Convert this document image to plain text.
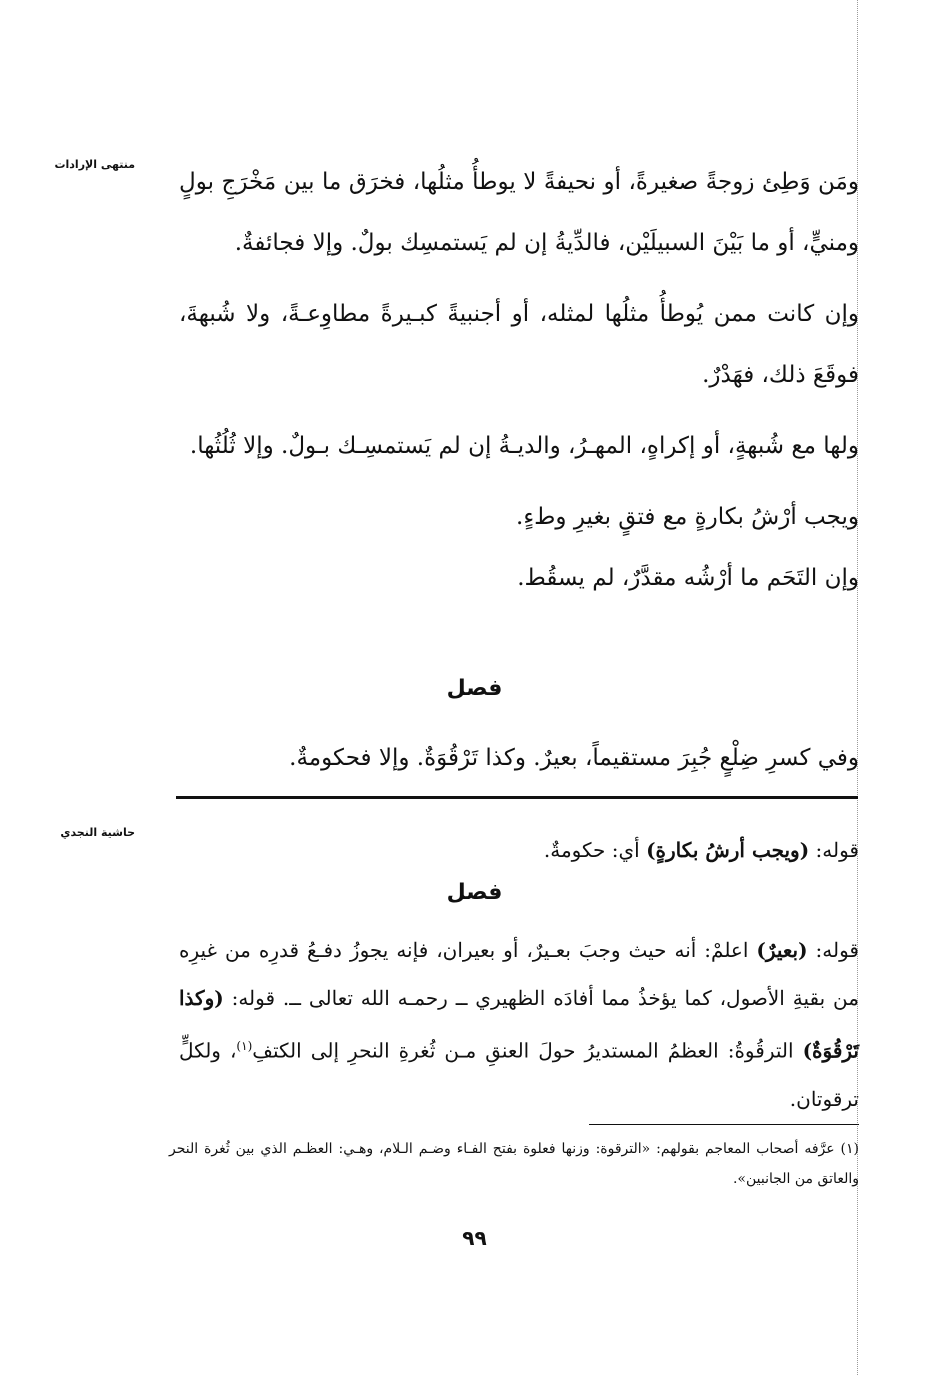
منتهى الإرادات
حاشية النجدي

ومَن وَطِئ زوجةً صغيرةً، أو نحيفةً لا يوطأُ مثلُها، فخرَق ما بين مَخْرَجِ بولٍ ومنيٍّ، أو ما بَيْنَ السبيلَيْن، فالدِّيةُ إن لم يَستمسِك بولٌ. وإلا فجائفةٌ.

وإن كانت ممن يُوطأُ مثلُها لمثله، أو أجنبيةً كبـيرةً مطاوِعـةً، ولا شُبهةَ، فوقَعَ ذلك، فهَدْرٌ.

ولها مع شُبهةٍ، أو إكراهٍ، المهـرُ، والديـةُ إن لم يَستمسِـك بـولٌ. وإلا ثُلُثُها.

ويجب أرْشُ بكارةٍ مع فتقٍ بغيرِ وطءٍ.

وإن التَحَم ما أرْشُه مقدَّرٌ، لم يسقُط.

فصل

وفي كسرِ ضِلْعٍ جُبِرَ مستقيماً، بعيرٌ. وكذا تَرْقُوَةٌ. وإلا فحكومةٌ.

قوله: (ويجب أرشُ بكارةٍ) أي: حكومةٌ.

فصل

قوله: (بعيرٌ) اعلمْ: أنه حيث وجبَ بعـيرٌ، أو بعيران، فإنه يجوزُ دفـعُ قدرِه من غيرِه من بقيةِ الأصول، كما يؤخذُ مما أفادَه الظهيري ــ رحمـه الله تعالى ــ. قوله: (وكذا تَرْقُوَةٌ) الترقُوةُ: العظمُ المستديرُ حولَ العنقِ مـن ثُغرةِ النحرِ إلى الكتفِ$^{(١)}$، ولكلٍّ ترقوتان.

(١) عرَّفه أصحاب المعاجم بقولهم: «الترقوة: وزنها فعلوة بفتح الفـاء وضـم الـلام، وهـي: العظـم الذي بين ثُغرة النحر والعاتق من الجانبين».
٩٩
